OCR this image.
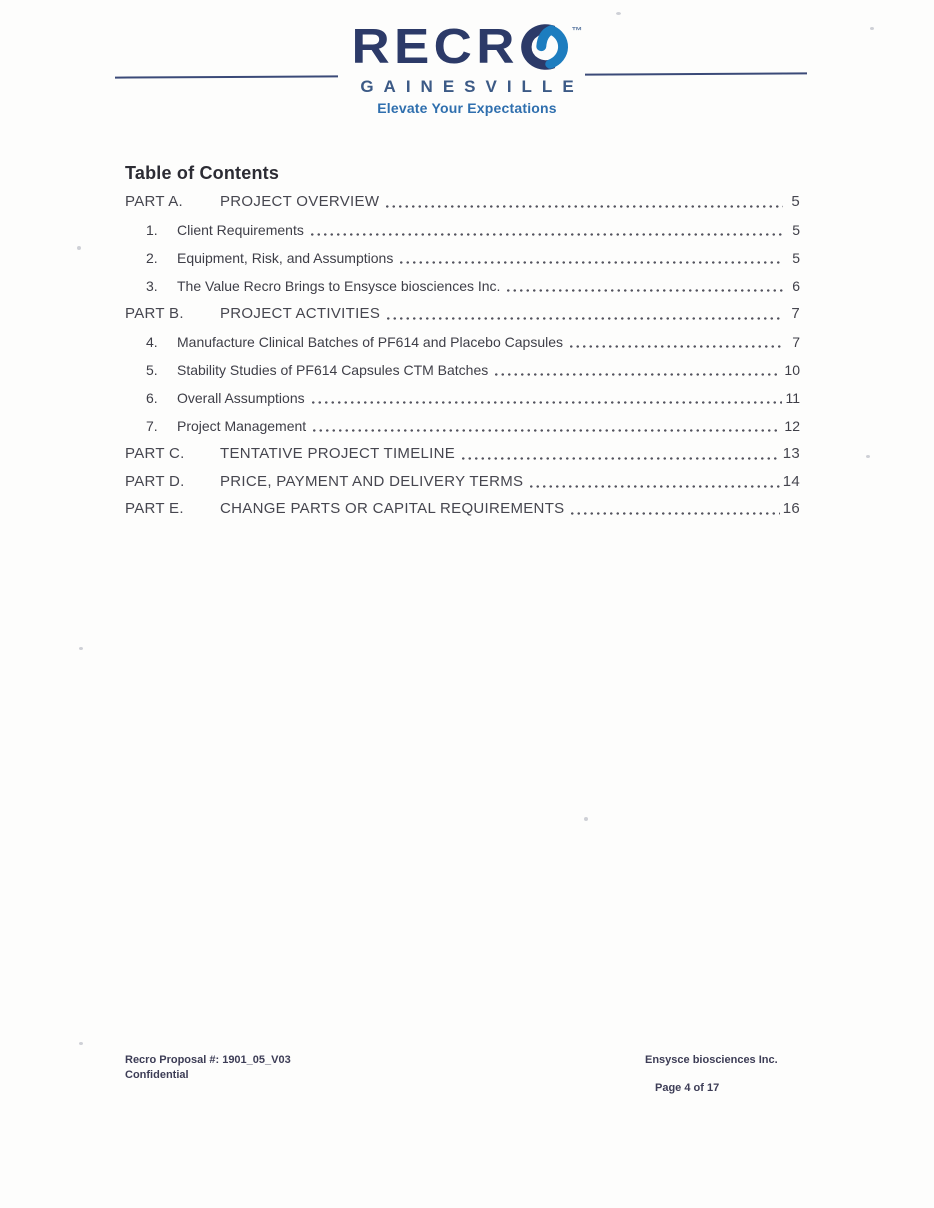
RECR	™
GAINESVILLE
Elevate Your Expectations
Table of Contents
PART A.	PROJECT OVERVIEW	5
1.	Client Requirements	5
2.	Equipment, Risk, and Assumptions	5
3.	The Value Recro Brings to Ensysce biosciences Inc.	6
PART B.	PROJECT ACTIVITIES	7
4.	Manufacture Clinical Batches of PF614 and Placebo Capsules	7
5.	Stability Studies of PF614 Capsules CTM Batches	10
6.	Overall Assumptions	11
7.	Project Management	12
PART C.	TENTATIVE PROJECT TIMELINE	13
PART D.	PRICE, PAYMENT AND DELIVERY TERMS	14
PART E.	CHANGE PARTS OR CAPITAL REQUIREMENTS	16
Recro Proposal #: 1901_05_V03
Confidential
Ensysce biosciences Inc.
Page 4 of 17
